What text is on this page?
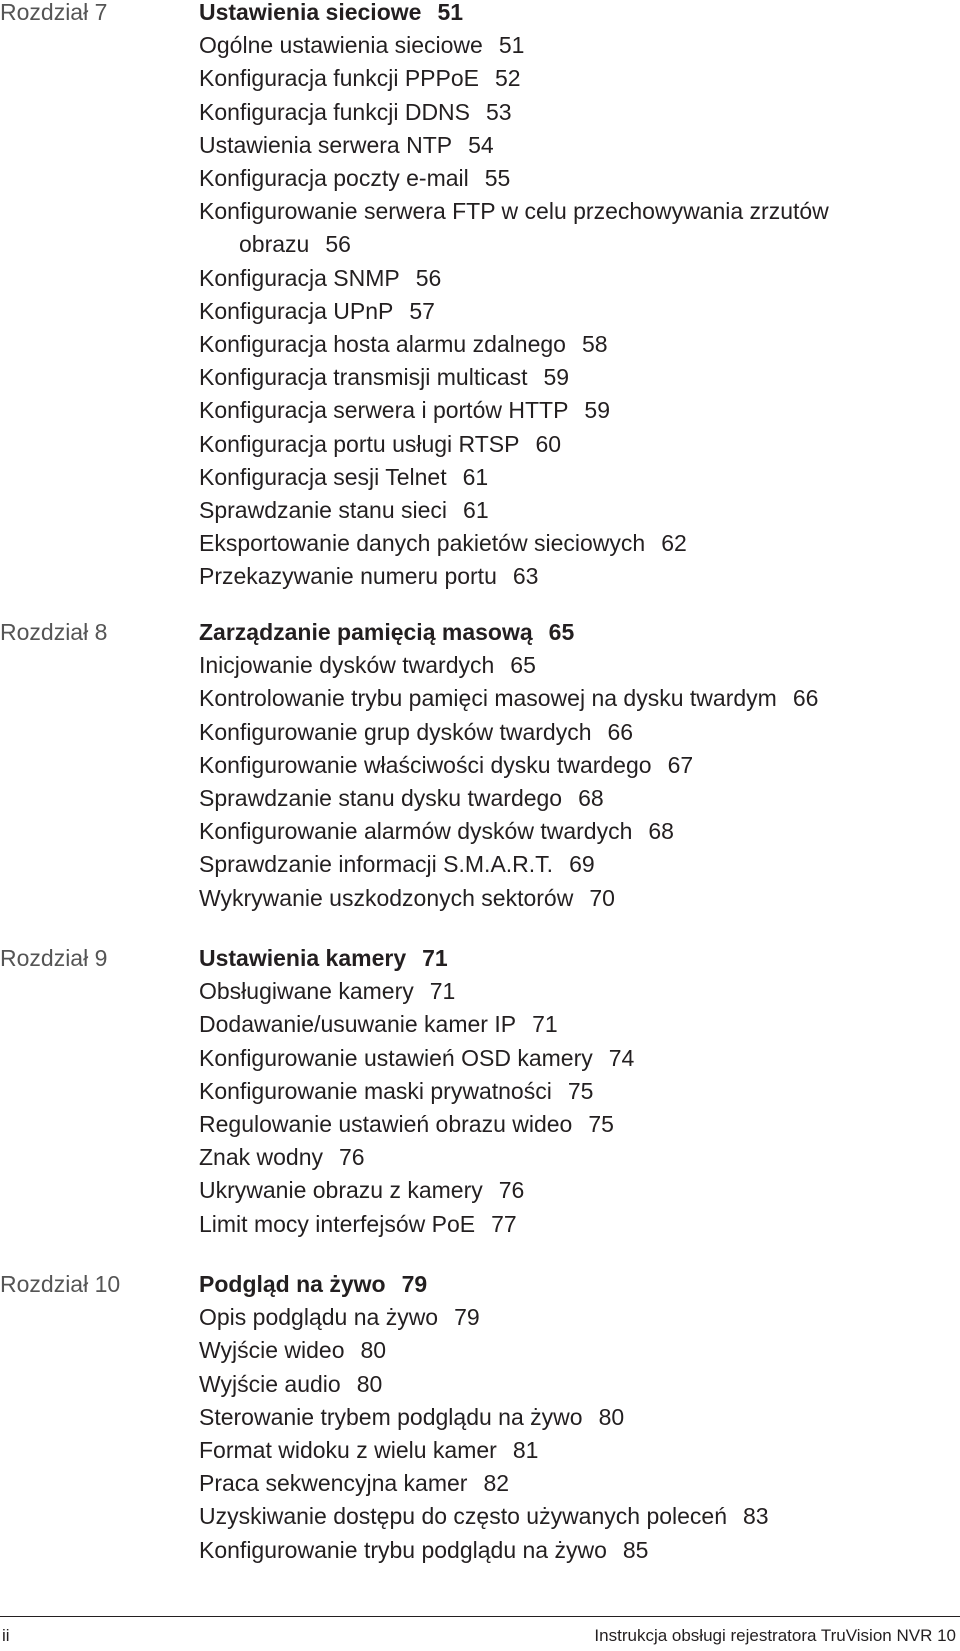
Rozdział 7	Ustawienia sieciowe 51
Ogólne ustawienia sieciowe 51
Konfiguracja funkcji PPPoE 52
Konfiguracja funkcji DDNS 53
Ustawienia serwera NTP 54
Konfiguracja poczty e-mail 55
Konfigurowanie serwera FTP w celu przechowywania zrzutów
obrazu 56
Konfiguracja SNMP 56
Konfiguracja UPnP 57
Konfiguracja hosta alarmu zdalnego 58
Konfiguracja transmisji multicast 59
Konfiguracja serwera i portów HTTP 59
Konfiguracja portu usługi RTSP 60
Konfiguracja sesji Telnet 61
Sprawdzanie stanu sieci 61
Eksportowanie danych pakietów sieciowych 62
Przekazywanie numeru portu 63
Rozdział 8	Zarządzanie pamięcią masową 65
Inicjowanie dysków twardych 65
Kontrolowanie trybu pamięci masowej na dysku twardym 66
Konfigurowanie grup dysków twardych 66
Konfigurowanie właściwości dysku twardego 67
Sprawdzanie stanu dysku twardego 68
Konfigurowanie alarmów dysków twardych 68
Sprawdzanie informacji S.M.A.R.T. 69
Wykrywanie uszkodzonych sektorów 70
Rozdział 9	Ustawienia kamery 71
Obsługiwane kamery 71
Dodawanie/usuwanie kamer IP 71
Konfigurowanie ustawień OSD kamery 74
Konfigurowanie maski prywatności 75
Regulowanie ustawień obrazu wideo 75
Znak wodny 76
Ukrywanie obrazu z kamery 76
Limit mocy interfejsów PoE 77
Rozdział 10	Podgląd na żywo 79
Opis podglądu na żywo 79
Wyjście wideo 80
Wyjście audio 80
Sterowanie trybem podglądu na żywo 80
Format widoku z wielu kamer 81
Praca sekwencyjna kamer 82
Uzyskiwanie dostępu do często używanych poleceń 83
Konfigurowanie trybu podglądu na żywo 85
ii	Instrukcja obsługi rejestratora TruVision NVR 10
